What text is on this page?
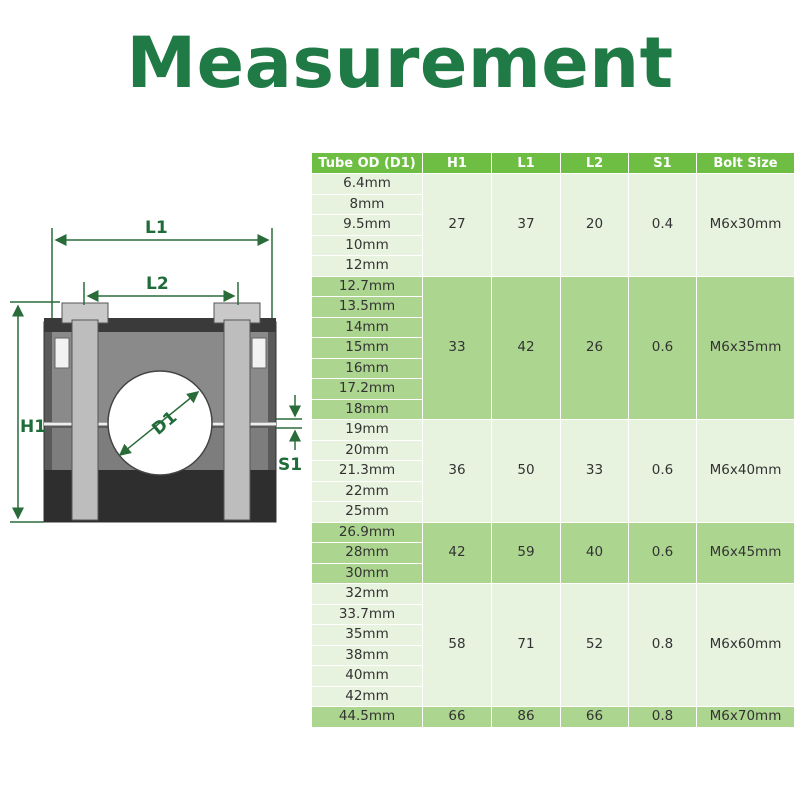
Measurement
L1
L2
H1
S1
D1
Tube OD (D1)	H1	L1	L2	S1	Bolt Size
6.4mm	27	37	20	0.4	M6x30mm
8mm					
9.5mm					
10mm					
12mm					
12.7mm	33	42	26	0.6	M6x35mm
13.5mm					
14mm					
15mm					
16mm					
17.2mm					
18mm					
19mm	36	50	33	0.6	M6x40mm
20mm					
21.3mm					
22mm					
25mm					
26.9mm	42	59	40	0.6	M6x45mm
28mm					
30mm					
32mm	58	71	52	0.8	M6x60mm
33.7mm					
35mm					
38mm					
40mm					
42mm					
44.5mm	66	86	66	0.8	M6x70mm
